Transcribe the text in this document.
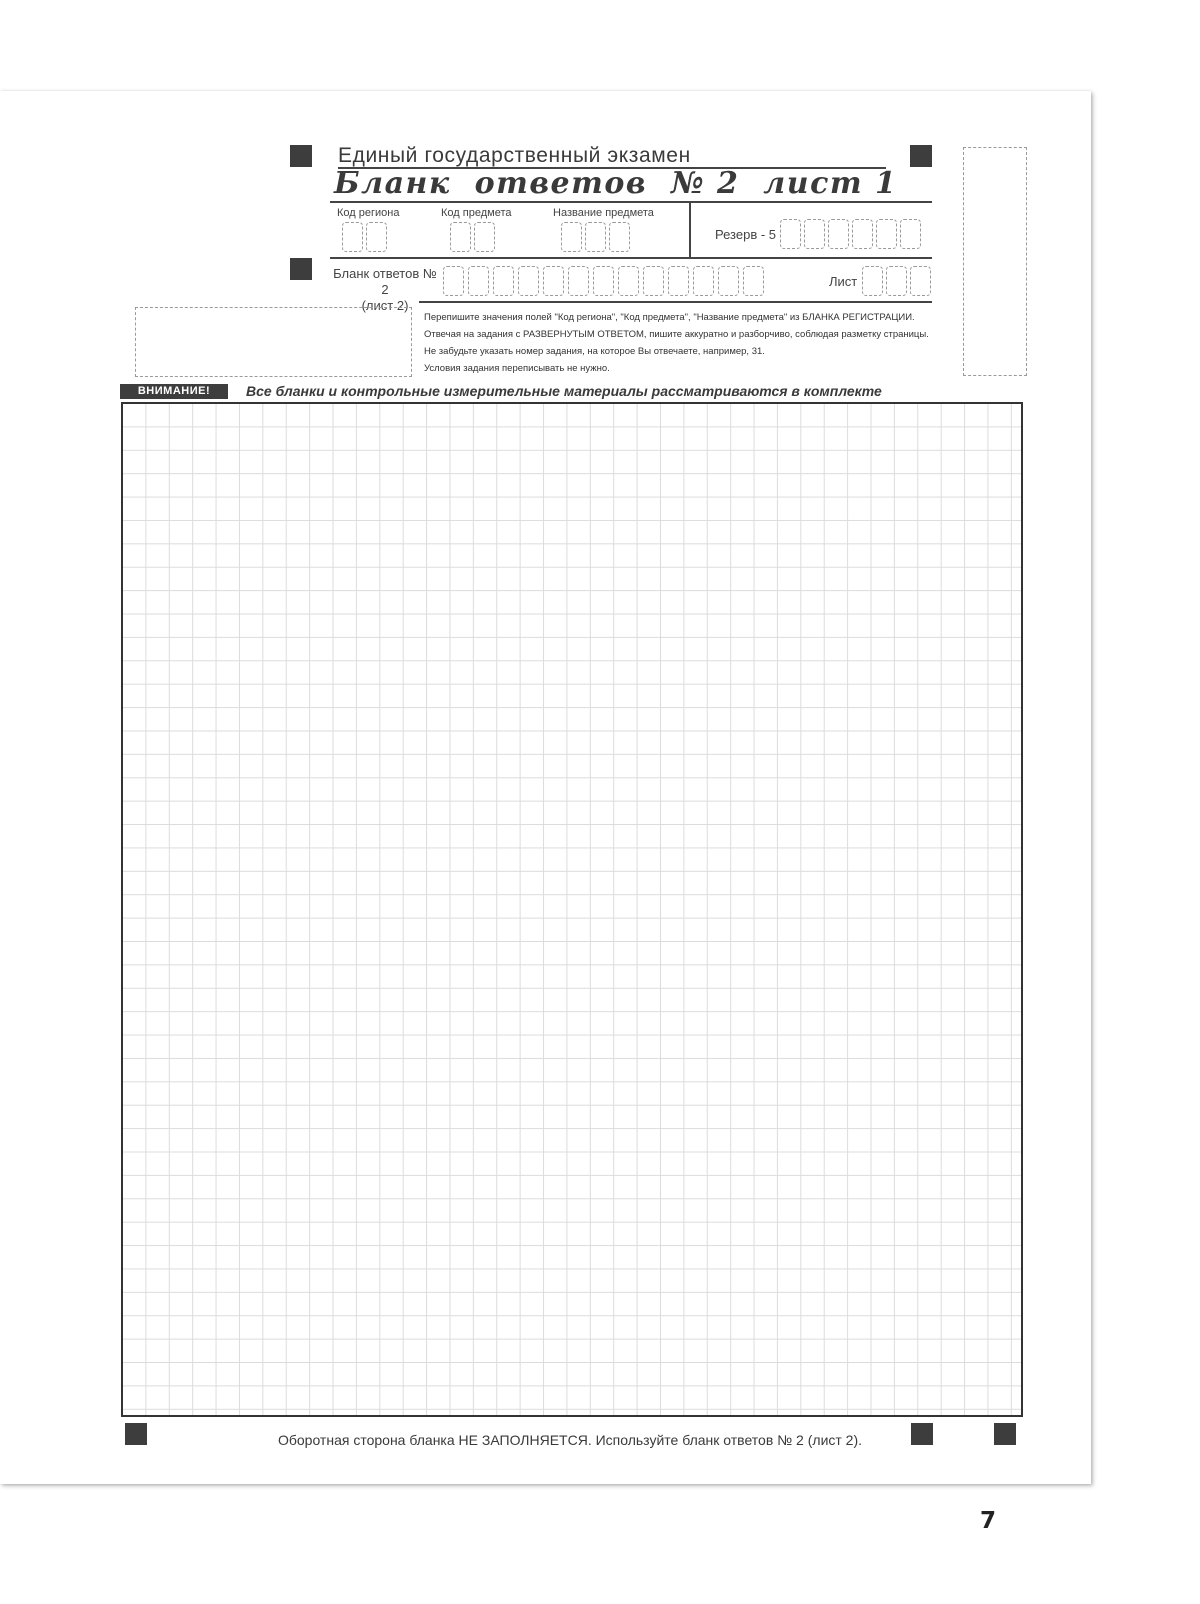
Единый государственный экзамен
Бланк  ответов  № 2  лист 1
Код региона	Код предмета	Название предмета
Резерв - 5
Бланк ответов № 2
(лист 2)
Лист
Перепишите значения полей "Код региона", "Код предмета", "Название предмета" из БЛАНКА РЕГИСТРАЦИИ.
Отвечая на задания с РАЗВЕРНУТЫМ ОТВЕТОМ, пишите аккуратно и разборчиво, соблюдая разметку страницы.
Не забудьте указать номер задания, на которое Вы отвечаете, например, 31.
Условия задания переписывать не нужно.
ВНИМАНИЕ!	Все бланки и контрольные измерительные материалы рассматриваются в комплекте
Оборотная сторона бланка НЕ ЗАПОЛНЯЕТСЯ. Используйте бланк ответов № 2 (лист 2).
7
